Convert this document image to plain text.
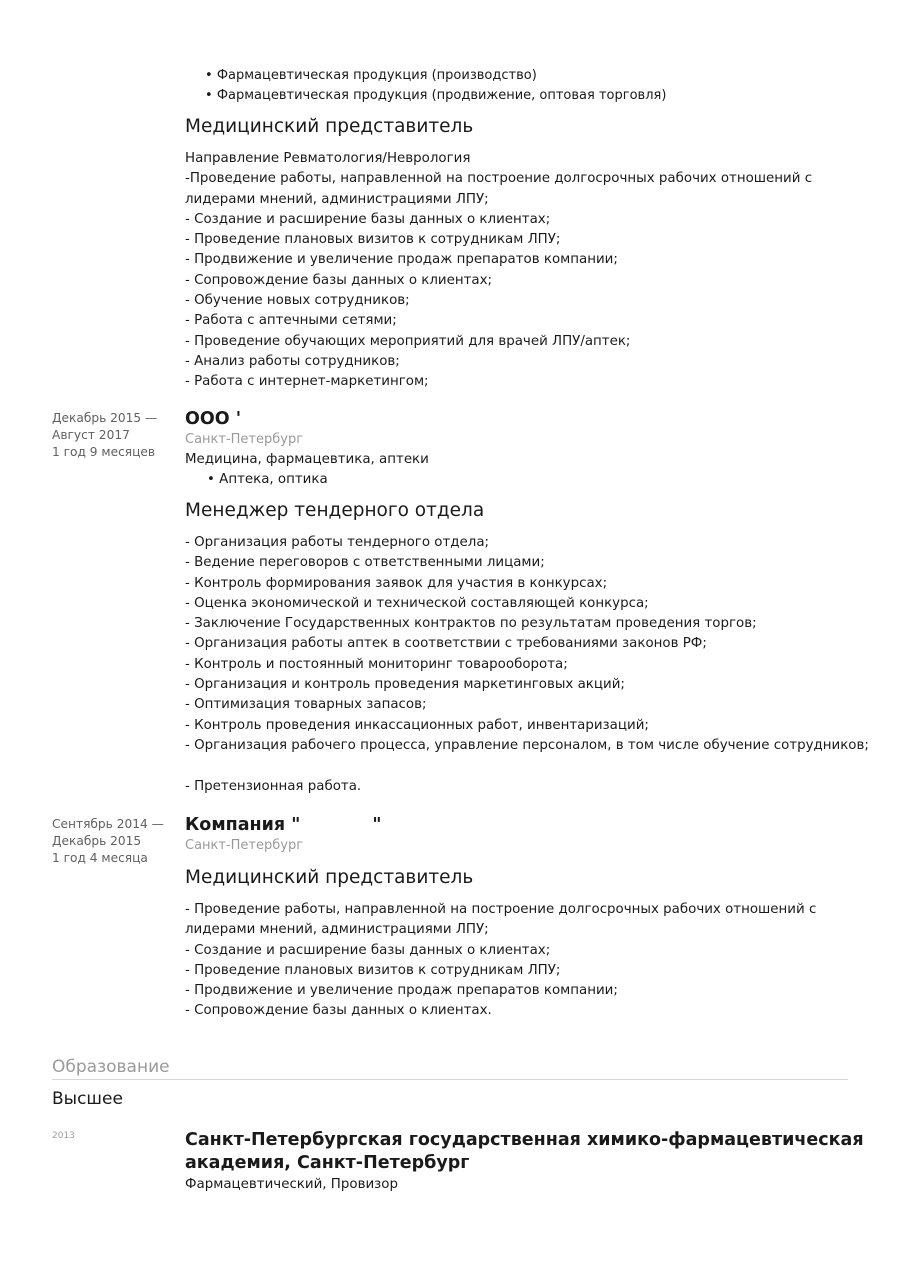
• Фармацевтическая продукция (производство)
• Фармацевтическая продукция (продвижение, оптовая торговля)
Медицинский представитель
Направление Ревматология/Неврология
-Проведение работы, направленной на построение долгосрочных рабочих отношений с
лидерами мнений, администрациями ЛПУ;
- Создание и расширение базы данных о клиентах;
- Проведение плановых визитов к сотрудникам ЛПУ;
- Продвижение и увеличение продаж препаратов компании;
- Сопровождение базы данных о клиентах;
- Обучение новых сотрудников;
- Работа с аптечными сетями;
- Проведение обучающих мероприятий для врачей ЛПУ/аптек;
- Анализ работы сотрудников;
- Работа с интернет-маркетингом;
Декабрь 2015 —
Август 2017
1 год 9 месяцев
ООО '
Санкт-Петербург
Медицина, фармацевтика, аптеки
• Аптека, оптика
Менеджер тендерного отдела
- Организация работы тендерного отдела;
- Ведение переговоров с ответственными лицами;
- Контроль формирования заявок для участия в конкурсах;
- Оценка экономической и технической составляющей конкурса;
- Заключение Государственных контрактов по результатам проведения торгов;
- Организация работы аптек в соответствии с требованиями законов РФ;
- Контроль и постоянный мониторинг товарооборота;
- Организация и контроль проведения маркетинговых акций;
- Оптимизация товарных запасов;
- Контроль проведения инкассационных работ, инвентаризаций;
- Организация рабочего процесса, управление персоналом, в том числе обучение сотрудников;
- Претензионная работа.
Сентябрь 2014 —
Декабрь 2015
1 год 4 месяца
Компания "	"
Санкт-Петербург
Медицинский представитель
- Проведение работы, направленной на построение долгосрочных рабочих отношений с
лидерами мнений, администрациями ЛПУ;
- Создание и расширение базы данных о клиентах;
- Проведение плановых визитов к сотрудникам ЛПУ;
- Продвижение и увеличение продаж препаратов компании;
- Сопровождение базы данных о клиентах.
Образование
Высшее
2013	Санкт-Петербургская государственная химико-фармацевтическая академия, Санкт-Петербург
Фармацевтический, Провизор
